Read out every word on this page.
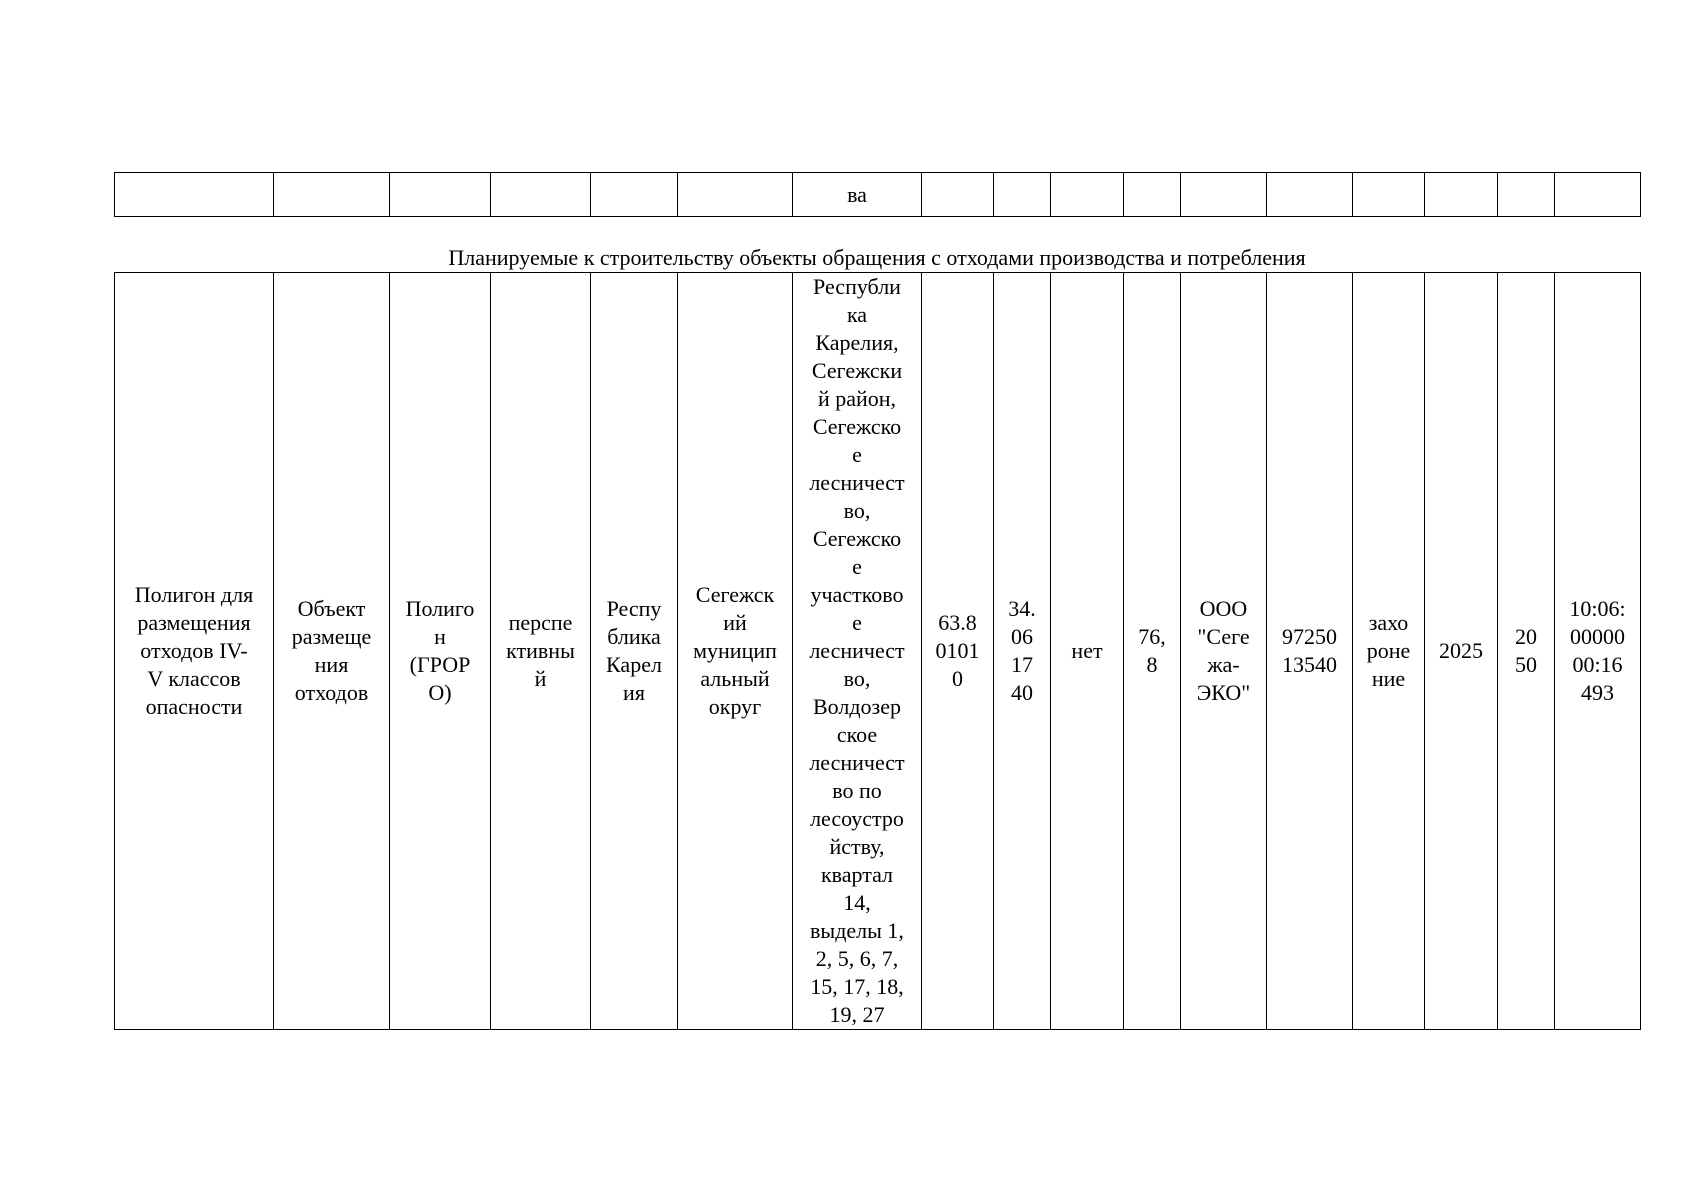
						ва										
Планируемые к строительству объекты обращения с отходами производства и потребления
Полигон для
размещения
отходов IV-
V классов
опасности

Объект
размеще
ния
отходов

Полиго
н
(ГРОР
О)

перспе
ктивны
й

Респу
блика
Карел
ия

Сегежск
ий
муницип
альный
округ

Республи
ка
Карелия,
Сегежски
й район,
Сегежско
е
лесничест
во,
Сегежско
е
участково
е
лесничест
во,
Волдозер
ское
лесничест
во по
лесоустро
йству,
квартал
14,
выделы 1,
2, 5, 6, 7,
15, 17, 18,
19, 27

63.8
0101
0

34.
06
17
40

нет

76,
8

ООО
"Сеге
жа-
ЭКО"

97250
13540

захо
роне
ние

2025

20
50

10:06:
00000
00:16
493
